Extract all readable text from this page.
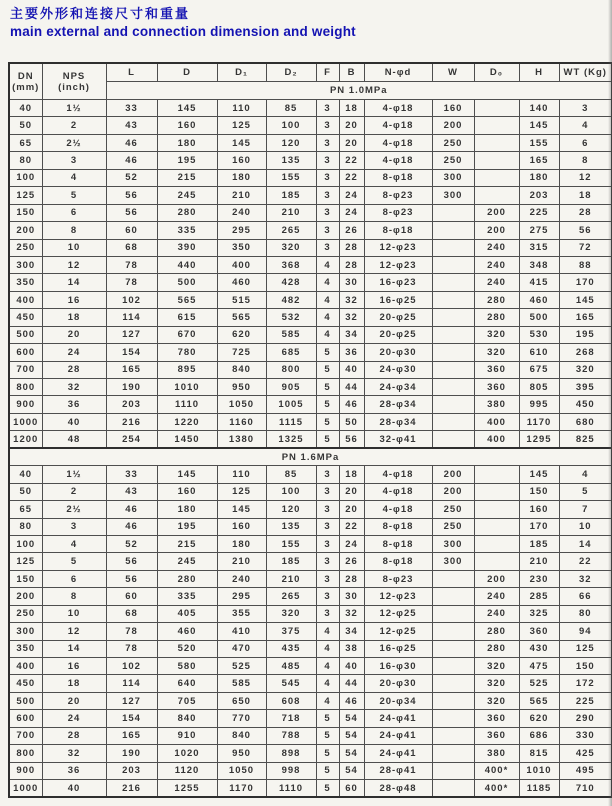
主要外形和连接尺寸和重量
main external and connection dimension and weight
DN
(mm)	NPS
(inch)	L	D	D₁	D₂	F	B	N-φd	W	D₀	H	WT (Kg)
		PN 1.0MPa										
40	1½	33	145	110	85	3	18	4-φ18	160		140	3
50	2	43	160	125	100	3	20	4-φ18	200		145	4
65	2½	46	180	145	120	3	20	4-φ18	250		155	6
80	3	46	195	160	135	3	22	4-φ18	250		165	8
100	4	52	215	180	155	3	22	8-φ18	300		180	12
125	5	56	245	210	185	3	24	8-φ23	300		203	18
150	6	56	280	240	210	3	24	8-φ23		200	225	28
200	8	60	335	295	265	3	26	8-φ18		200	275	56
250	10	68	390	350	320	3	28	12-φ23		240	315	72
300	12	78	440	400	368	4	28	12-φ23		240	348	88
350	14	78	500	460	428	4	30	16-φ23		240	415	170
400	16	102	565	515	482	4	32	16-φ25		280	460	145
450	18	114	615	565	532	4	32	20-φ25		280	500	165
500	20	127	670	620	585	4	34	20-φ25		320	530	195
600	24	154	780	725	685	5	36	20-φ30		320	610	268
700	28	165	895	840	800	5	40	24-φ30		360	675	320
800	32	190	1010	950	905	5	44	24-φ34		360	805	395
900	36	203	1110	1050	1005	5	46	28-φ34		380	995	450
1000	40	216	1220	1160	1115	5	50	28-φ34		400	1170	680
1200	48	254	1450	1380	1325	5	56	32-φ41		400	1295	825
PN 1.6MPa												
40	1½	33	145	110	85	3	18	4-φ18	200		145	4
50	2	43	160	125	100	3	20	4-φ18	200		150	5
65	2½	46	180	145	120	3	20	4-φ18	250		160	7
80	3	46	195	160	135	3	22	8-φ18	250		170	10
100	4	52	215	180	155	3	24	8-φ18	300		185	14
125	5	56	245	210	185	3	26	8-φ18	300		210	22
150	6	56	280	240	210	3	28	8-φ23		200	230	32
200	8	60	335	295	265	3	30	12-φ23		240	285	66
250	10	68	405	355	320	3	32	12-φ25		240	325	80
300	12	78	460	410	375	4	34	12-φ25		280	360	94
350	14	78	520	470	435	4	38	16-φ25		280	430	125
400	16	102	580	525	485	4	40	16-φ30		320	475	150
450	18	114	640	585	545	4	44	20-φ30		320	525	172
500	20	127	705	650	608	4	46	20-φ34		320	565	225
600	24	154	840	770	718	5	54	24-φ41		360	620	290
700	28	165	910	840	788	5	54	24-φ41		360	686	330
800	32	190	1020	950	898	5	54	24-φ41		380	815	425
900	36	203	1120	1050	998	5	54	28-φ41		400*	1010	495
1000	40	216	1255	1170	1110	5	60	28-φ48		400*	1185	710
